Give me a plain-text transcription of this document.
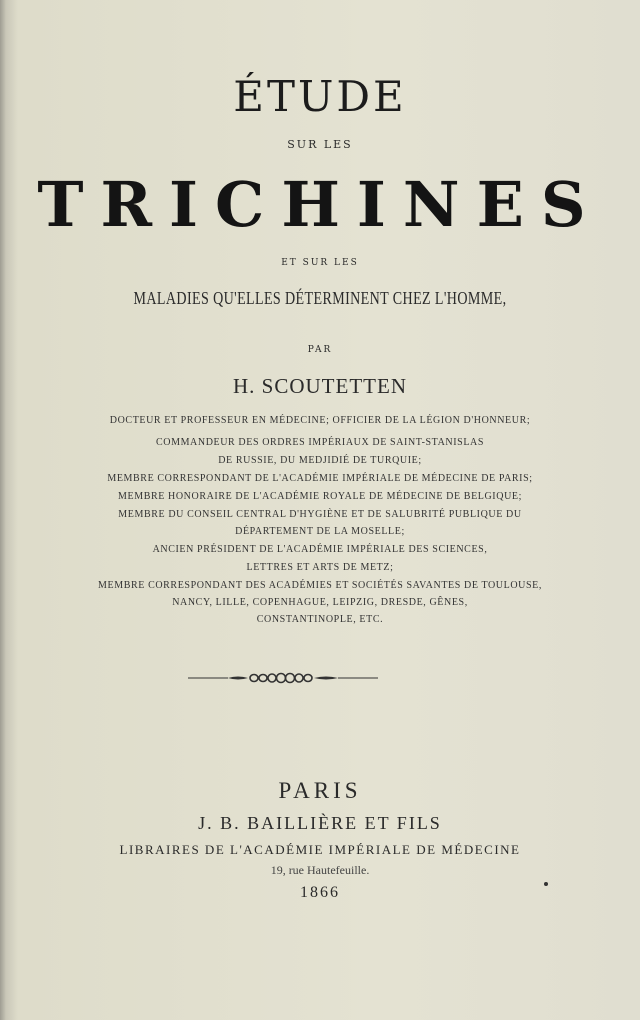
ÉTUDE

SUR LES

TRICHINES

ET SUR LES

MALADIES QU'ELLES DÉTERMINENT CHEZ L'HOMME,

PAR

H. SCOUTETTEN

DOCTEUR ET PROFESSEUR EN MÉDECINE; OFFICIER DE LA LÉGION D'HONNEUR;

COMMANDEUR DES ORDRES IMPÉRIAUX DE SAINT-STANISLAS

DE RUSSIE, DU MEDJIDIÉ DE TURQUIE;

MEMBRE CORRESPONDANT DE L'ACADÉMIE IMPÉRIALE DE MÉDECINE DE PARIS;

MEMBRE HONORAIRE DE L'ACADÉMIE ROYALE DE MÉDECINE DE BELGIQUE;

MEMBRE DU CONSEIL CENTRAL D'HYGIÈNE ET DE SALUBRITÉ PUBLIQUE DU

DÉPARTEMENT DE LA MOSELLE;

ANCIEN PRÉSIDENT DE L'ACADÉMIE IMPÉRIALE DES SCIENCES,

LETTRES ET ARTS DE METZ;

MEMBRE CORRESPONDANT DES ACADÉMIES ET SOCIÉTÉS SAVANTES DE TOULOUSE,

NANCY, LILLE, COPENHAGUE, LEIPZIG, DRESDE, GÊNES,

CONSTANTINOPLE, ETC.

PARIS

J. B. BAILLIÈRE ET FILS

LIBRAIRES DE L'ACADÉMIE IMPÉRIALE DE MÉDECINE

19, rue Hautefeuille.

1866
